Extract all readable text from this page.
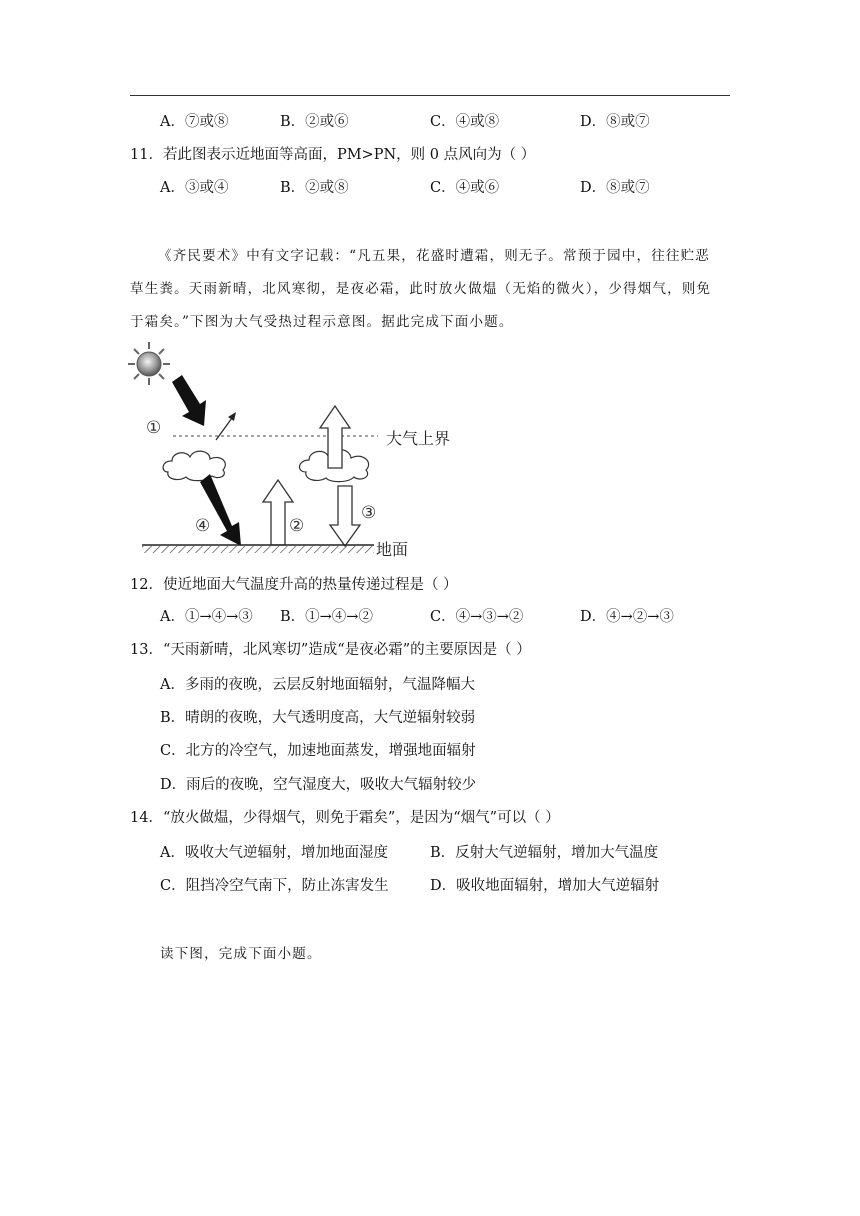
A．⑦或⑧	B．②或⑥	C．④或⑧	D．⑧或⑦
11．若此图表示近地面等高面，PM>PN，则 0 点风向为（ ）
A．③或④	B．②或⑧	C．④或⑥	D．⑧或⑦

《齐民要术》中有文字记载：“凡五果，花盛时遭霜，则无子。常预于园中，往往贮恶

草生粪。天雨新晴，北风寒彻，是夜必霜，此时放火做煴（无焰的微火），少得烟气，则免

于霜矣。”下图为大气受热过程示意图。据此完成下面小题。

大气上界
①
④	②
③
地面
12．使近地面大气温度升高的热量传递过程是（ ）
A．①→④→③ B．①→④→②	C．④→③→②	D．④→②→③
13．“天雨新晴，北风寒切”造成“是夜必霜”的主要原因是（ ）
A．多雨的夜晚，云层反射地面辐射，气温降幅大
B．晴朗的夜晚，大气透明度高，大气逆辐射较弱
C．北方的冷空气，加速地面蒸发，增强地面辐射
D．雨后的夜晚，空气湿度大，吸收大气辐射较少
14．“放火做煴，少得烟气，则免于霜矣”，是因为“烟气”可以（ ）
A．吸收大气逆辐射，增加地面湿度	B．反射大气逆辐射，增加大气温度
C．阻挡冷空气南下，防止冻害发生	D．吸收地面辐射，增加大气逆辐射
读下图，完成下面小题。
